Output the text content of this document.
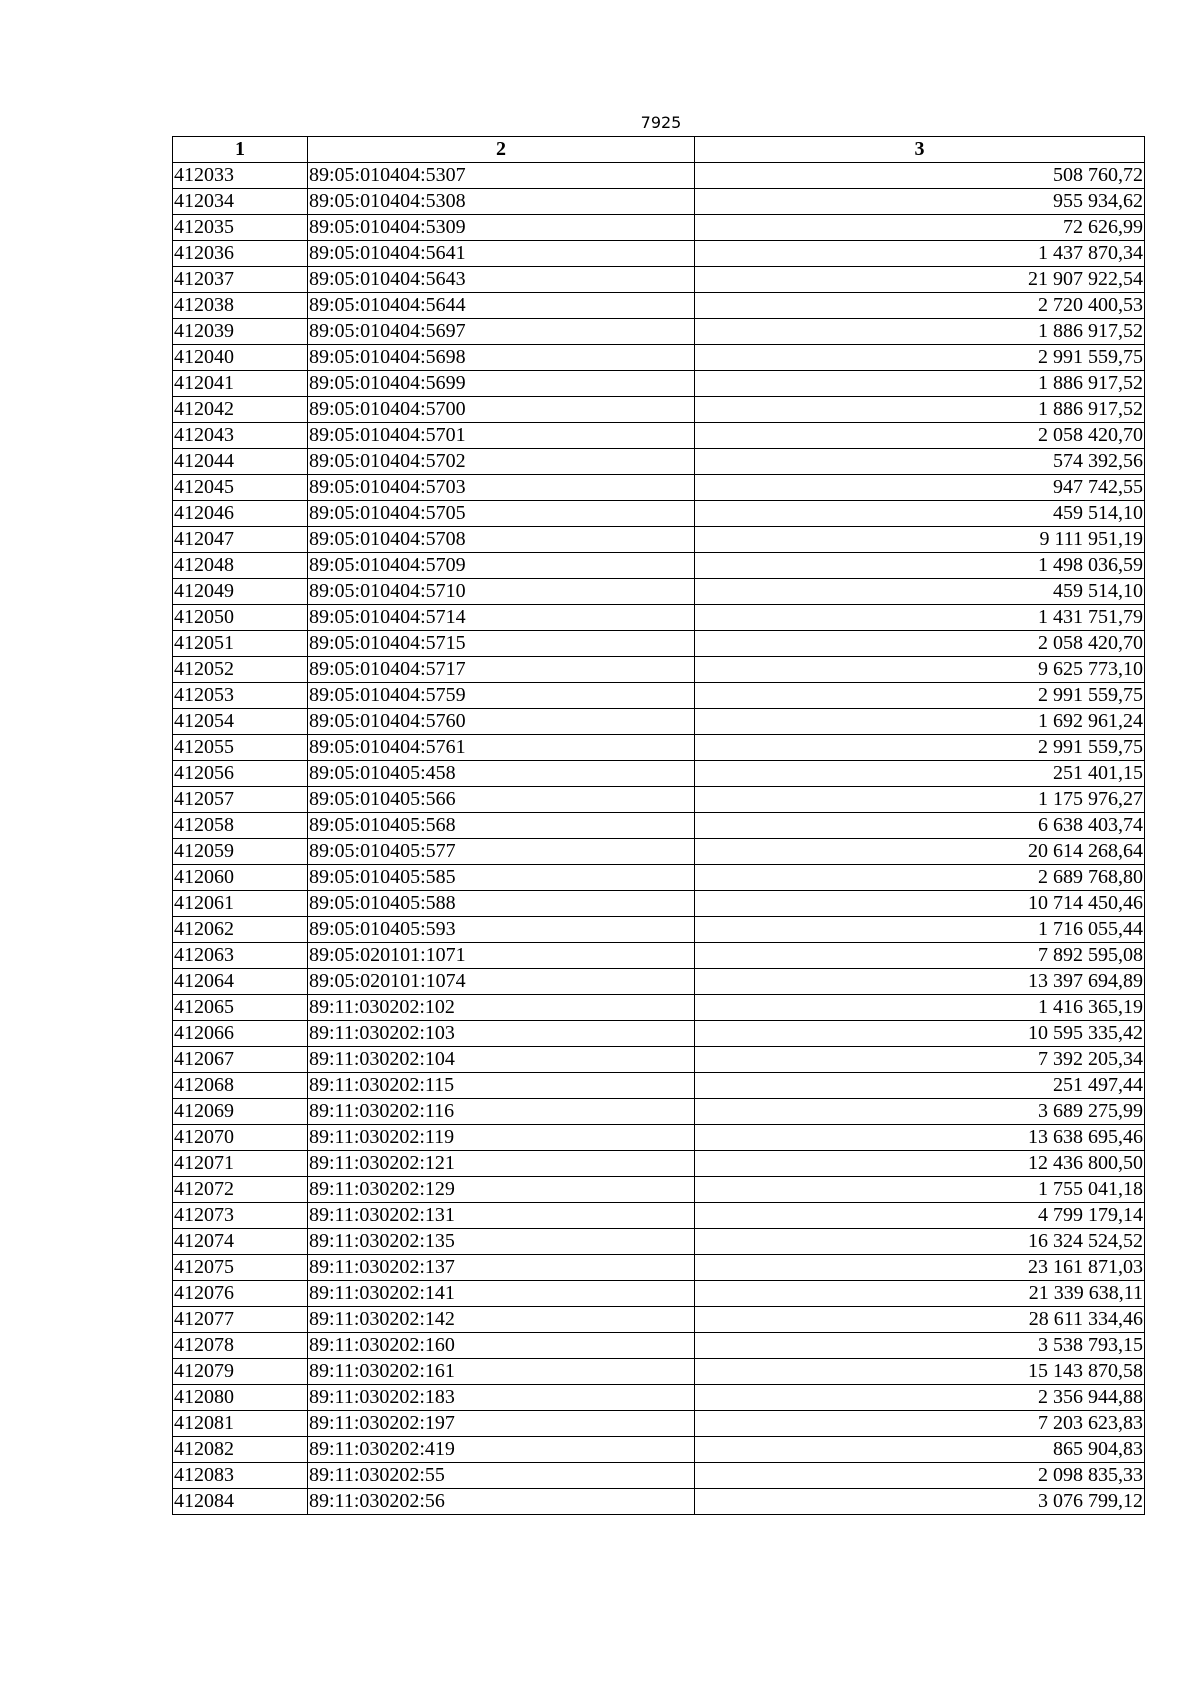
7925
1	2	3
412033	89:05:010404:5307	508 760,72
412034	89:05:010404:5308	955 934,62
412035	89:05:010404:5309	72 626,99
412036	89:05:010404:5641	1 437 870,34
412037	89:05:010404:5643	21 907 922,54
412038	89:05:010404:5644	2 720 400,53
412039	89:05:010404:5697	1 886 917,52
412040	89:05:010404:5698	2 991 559,75
412041	89:05:010404:5699	1 886 917,52
412042	89:05:010404:5700	1 886 917,52
412043	89:05:010404:5701	2 058 420,70
412044	89:05:010404:5702	574 392,56
412045	89:05:010404:5703	947 742,55
412046	89:05:010404:5705	459 514,10
412047	89:05:010404:5708	9 111 951,19
412048	89:05:010404:5709	1 498 036,59
412049	89:05:010404:5710	459 514,10
412050	89:05:010404:5714	1 431 751,79
412051	89:05:010404:5715	2 058 420,70
412052	89:05:010404:5717	9 625 773,10
412053	89:05:010404:5759	2 991 559,75
412054	89:05:010404:5760	1 692 961,24
412055	89:05:010404:5761	2 991 559,75
412056	89:05:010405:458	251 401,15
412057	89:05:010405:566	1 175 976,27
412058	89:05:010405:568	6 638 403,74
412059	89:05:010405:577	20 614 268,64
412060	89:05:010405:585	2 689 768,80
412061	89:05:010405:588	10 714 450,46
412062	89:05:010405:593	1 716 055,44
412063	89:05:020101:1071	7 892 595,08
412064	89:05:020101:1074	13 397 694,89
412065	89:11:030202:102	1 416 365,19
412066	89:11:030202:103	10 595 335,42
412067	89:11:030202:104	7 392 205,34
412068	89:11:030202:115	251 497,44
412069	89:11:030202:116	3 689 275,99
412070	89:11:030202:119	13 638 695,46
412071	89:11:030202:121	12 436 800,50
412072	89:11:030202:129	1 755 041,18
412073	89:11:030202:131	4 799 179,14
412074	89:11:030202:135	16 324 524,52
412075	89:11:030202:137	23 161 871,03
412076	89:11:030202:141	21 339 638,11
412077	89:11:030202:142	28 611 334,46
412078	89:11:030202:160	3 538 793,15
412079	89:11:030202:161	15 143 870,58
412080	89:11:030202:183	2 356 944,88
412081	89:11:030202:197	7 203 623,83
412082	89:11:030202:419	865 904,83
412083	89:11:030202:55	2 098 835,33
412084	89:11:030202:56	3 076 799,12
